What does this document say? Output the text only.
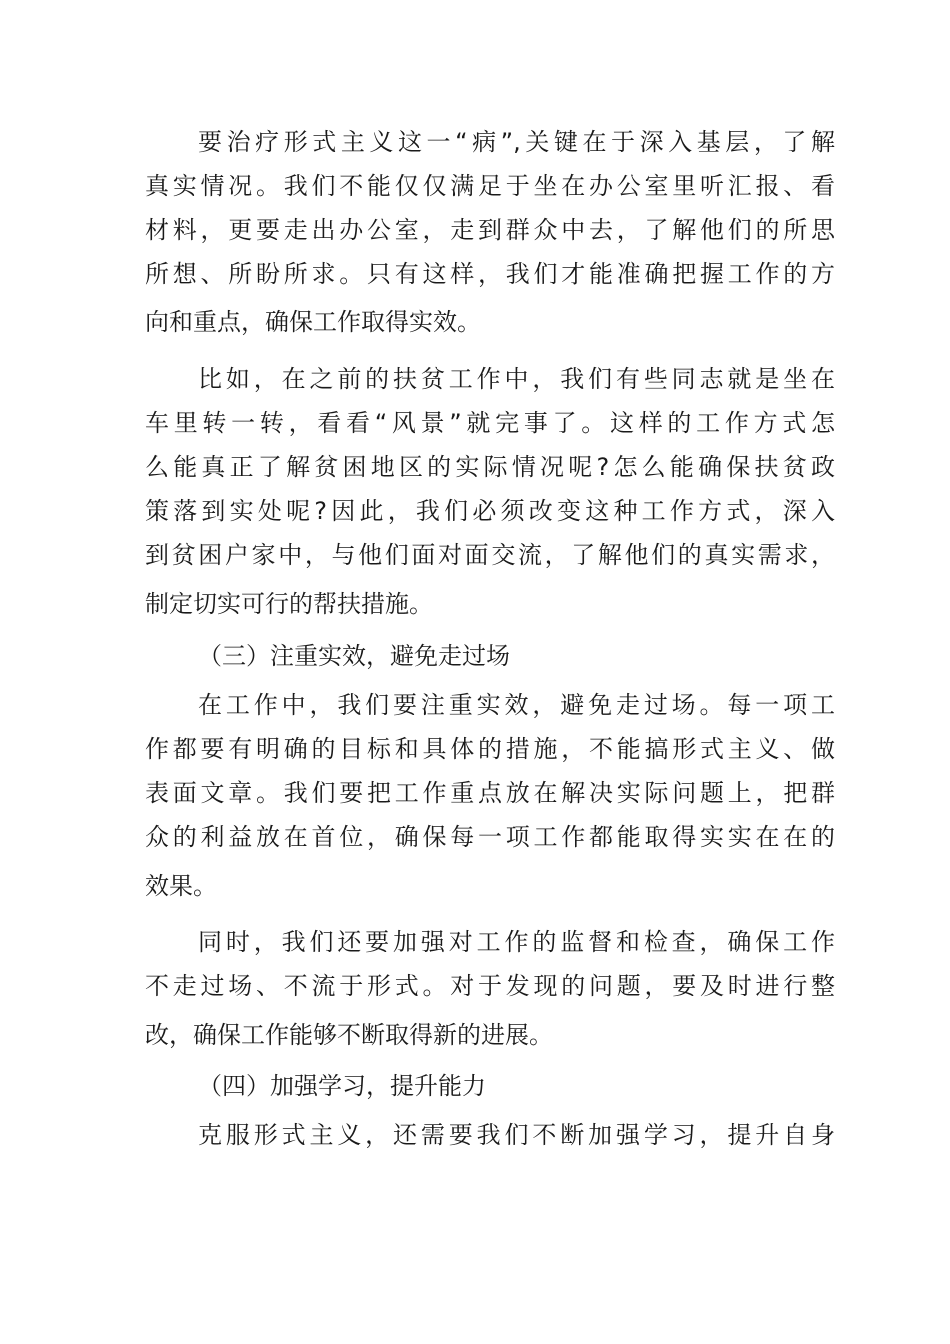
要治疗形式主义这一“病”,关键在于深入基层，了解
真实情况。我们不能仅仅满足于坐在办公室里听汇报、看
材料，更要走出办公室，走到群众中去，了解他们的所思
所想、所盼所求。只有这样，我们才能准确把握工作的方
向和重点，确保工作取得实效。
比如，在之前的扶贫工作中，我们有些同志就是坐在
车里转一转，看看“风景”就完事了。这样的工作方式怎
么能真正了解贫困地区的实际情况呢?怎么能确保扶贫政
策落到实处呢?因此，我们必须改变这种工作方式，深入
到贫困户家中，与他们面对面交流，了解他们的真实需求，
制定切实可行的帮扶措施。
（三）注重实效，避免走过场
在工作中，我们要注重实效，避免走过场。每一项工
作都要有明确的目标和具体的措施，不能搞形式主义、做
表面文章。我们要把工作重点放在解决实际问题上，把群
众的利益放在首位，确保每一项工作都能取得实实在在的
效果。
同时，我们还要加强对工作的监督和检查，确保工作
不走过场、不流于形式。对于发现的问题，要及时进行整
改，确保工作能够不断取得新的进展。
（四）加强学习，提升能力
克服形式主义，还需要我们不断加强学习，提升自身
